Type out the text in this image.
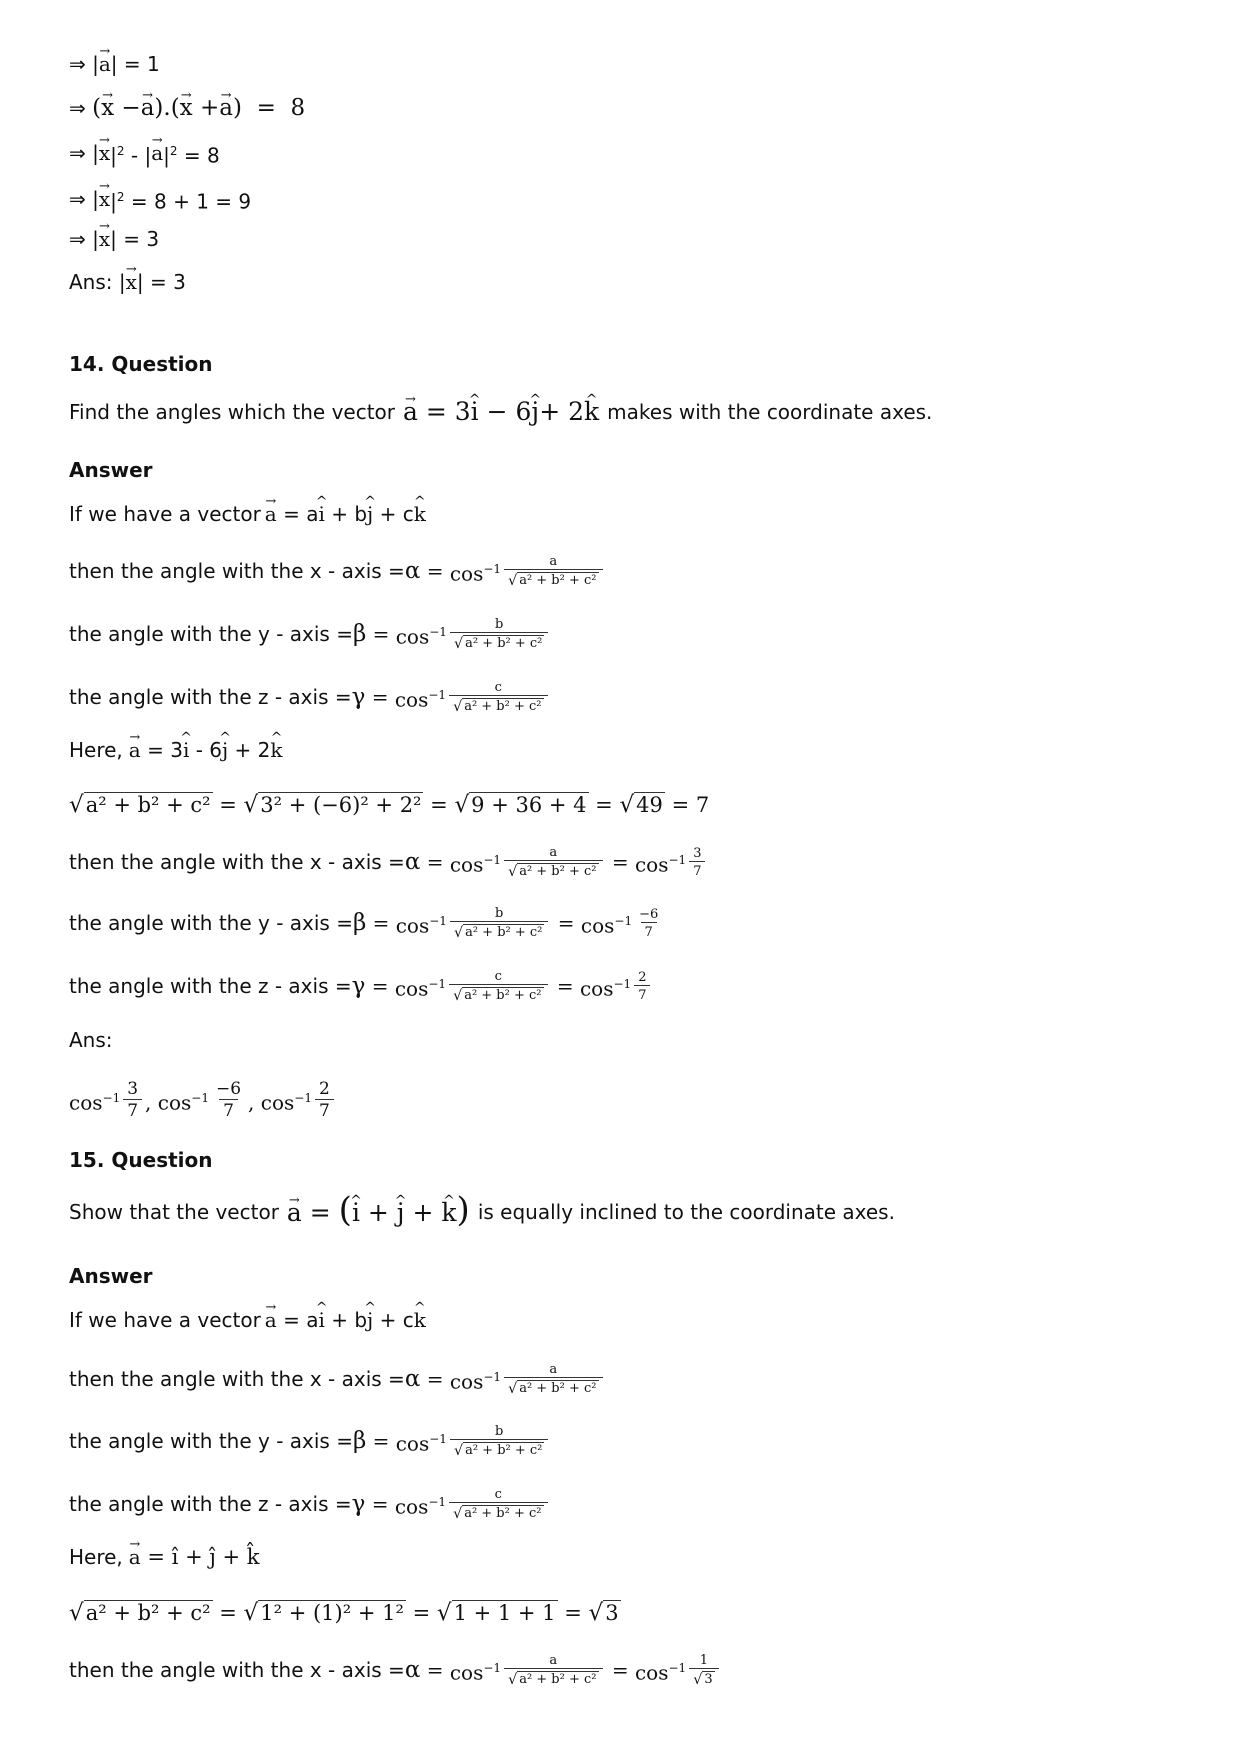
⇒ | → a | = 1
⇒ ( → x − → a ).( → x + → a )  =  8
⇒ | → x $|^2$ - | → a $|^2 = 8$
⇒ | → x $|^2 = 8 + 1 = 9$
⇒ | → x | = 3
Ans: | → x | = 3
14. Question
Find the angles which the vector → a = 3^ i − 6^ j+ 2^ k makes with the coordinate axes.
Answer
If we have a vector → a = a ^ i + b ^ j + c ^ k
then the angle with the x - axis = $\alpha = \cos^{-1} \frac{a}{\text{√ a² + b² + c²}}$
the angle with the y - axis = $\beta = \cos^{-1} \frac{b}{\text{√ a² + b² + c²}}$
the angle with the z - axis = $\gamma = \cos^{-1} \frac{c}{\text{√ a² + b² + c²}}$
Here, → a = 3 ^ i - 6 ^ j + 2 ^ k
√ a² + b² + c² = √ 3² + (−6)² + 2² = √ 9 + 36 + 4 = √ 49 = 7
then the angle with the x - axis = $\alpha = \cos^{-1} \frac{a}{\text{√ a² + b² + c²}} = \cos^{-1} \frac{3}{7}$
the angle with the y - axis = $\beta = \cos^{-1} \frac{b}{\text{√ a² + b² + c²}} = \cos^{-1} \frac{-6}{7}$
the angle with the z - axis = $\gamma = \cos^{-1} \frac{c}{\text{√ a² + b² + c²}} = \cos^{-1} \frac{2}{7}$
Ans:
$\cos^{-1} \frac{3}{7}$ , $\cos^{-1} \frac{-6}{7}$ , $\cos^{-1} \frac{2}{7}$
15. Question
Show that the vector → a = (^ i + ^ j + ^ k) is equally inclined to the coordinate axes.
Answer
If we have a vector → a = a ^ i + b ^ j + c ^ k
then the angle with the x - axis = $\alpha = \cos^{-1} \frac{a}{\text{√ a² + b² + c²}}$
the angle with the y - axis = $\beta = \cos^{-1} \frac{b}{\text{√ a² + b² + c²}}$
the angle with the z - axis = $\gamma = \cos^{-1} \frac{c}{\text{√ a² + b² + c²}}$
Here, → a = î + ĵ + k̂
√ a² + b² + c² = √ 1² + (1)² + 1² = √ 1 + 1 + 1 = √ 3
then the angle with the x - axis = $\alpha = \cos^{-1} \frac{a}{\text{√ a² + b² + c²}} = \cos^{-1} \frac{1}{√ 3}$
